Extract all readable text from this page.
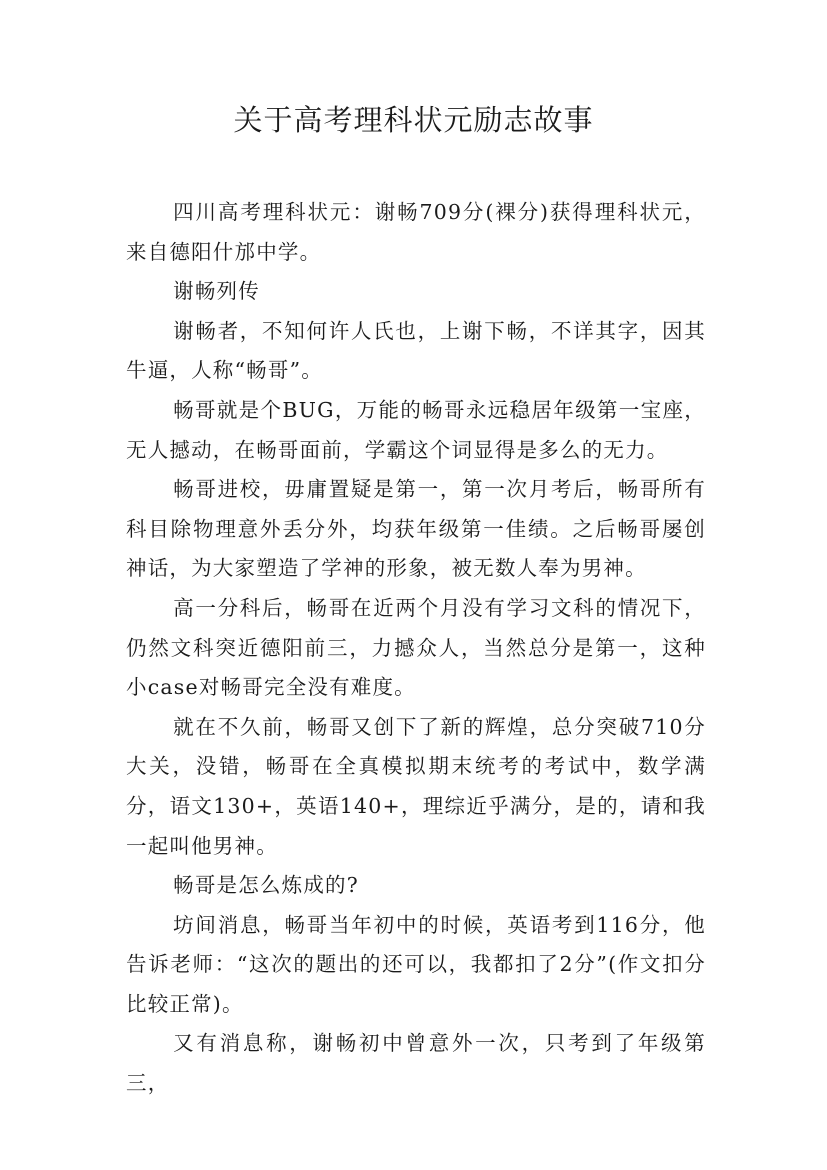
关于高考理科状元励志故事

四川高考理科状元：谢畅709分(裸分)获得理科状元，来自德阳什邡中学。

谢畅列传

谢畅者，不知何许人氏也，上谢下畅，不详其字，因其牛逼，人称“畅哥”。

畅哥就是个BUG，万能的畅哥永远稳居年级第一宝座，无人撼动，在畅哥面前，学霸这个词显得是多么的无力。

畅哥进校，毋庸置疑是第一，第一次月考后，畅哥所有科目除物理意外丢分外，均获年级第一佳绩。之后畅哥屡创神话，为大家塑造了学神的形象，被无数人奉为男神。

高一分科后，畅哥在近两个月没有学习文科的情况下，仍然文科突近德阳前三，力撼众人，当然总分是第一，这种小case对畅哥完全没有难度。

就在不久前，畅哥又创下了新的辉煌，总分突破710分大关，没错，畅哥在全真模拟期末统考的考试中，数学满分，语文130+，英语140+，理综近乎满分，是的，请和我一起叫他男神。

畅哥是怎么炼成的?

坊间消息，畅哥当年初中的时候，英语考到116分，他告诉老师：“这次的题出的还可以，我都扣了2分”(作文扣分比较正常)。

又有消息称，谢畅初中曾意外一次，只考到了年级第三，
